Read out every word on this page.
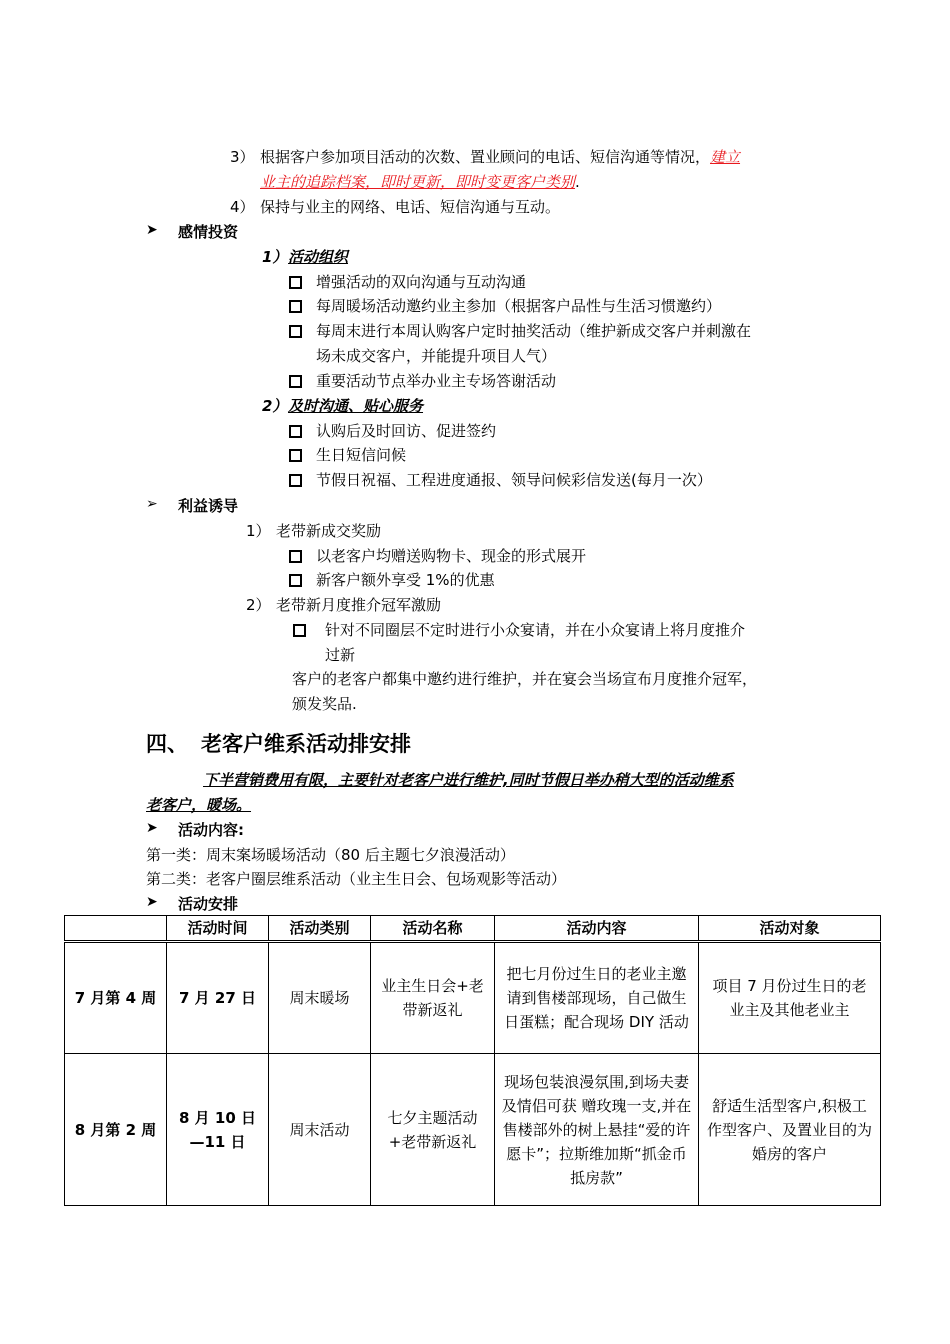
3） 根据客户参加项目活动的次数、置业顾问的电话、短信沟通等情况，建立
业主的追踪档案，即时更新，即时变更客户类别.
4） 保持与业主的网络、电话、短信沟通与互动。
➤ 感情投资
1） 活动组织
增强活动的双向沟通与互动沟通
每周暖场活动邀约业主参加（根据客户品性与生活习惯邀约）
每周末进行本周认购客户定时抽奖活动（维护新成交客户并刺激在
场未成交客户，并能提升项目人气）
重要活动节点举办业主专场答谢活动
2） 及时沟通、贴心服务
认购后及时回访、促进签约
生日短信问候
节假日祝福、工程进度通报、领导问候彩信发送(每月一次）
➢ 利益诱导
1） 老带新成交奖励
以老客户均赠送购物卡、现金的形式展开
新客户额外享受 1%的优惠
2） 老带新月度推介冠军激励
针对不同圈层不定时进行小众宴请，并在小众宴请上将月度推介
过新
客户的老客户都集中邀约进行维护，并在宴会当场宣布月度推介冠军，
颁发奖品.
四、 老客户维系活动排安排
下半营销费用有限，主要针对老客户进行维护,同时节假日举办稍大型的活动维系
老客户，暖场。
➤ 活动内容:
第一类：周末案场暖场活动（80 后主题七夕浪漫活动）
第二类：老客户圈层维系活动（业主生日会、包场观影等活动）
➤ 活动安排
	活动时间	活动类别	活动名称	活动内容	活动对象
7 月第 4 周	7 月 27 日	周末暖场	业主生日会+老带新返礼	把七月份过生日的老业主邀请到售楼部现场，自己做生日蛋糕；配合现场 DIY 活动	项目 7 月份过生日的老业主及其他老业主
8 月第 2 周	8 月 10 日—11 日	周末活动	七夕主题活动+老带新返礼	现场包装浪漫氛围,到场夫妻及情侣可获 赠玫瑰一支,并在售楼部外的树上悬挂“爱的许愿卡”；拉斯维加斯“抓金币抵房款”	舒适生活型客户,积极工作型客户、及置业目的为婚房的客户
